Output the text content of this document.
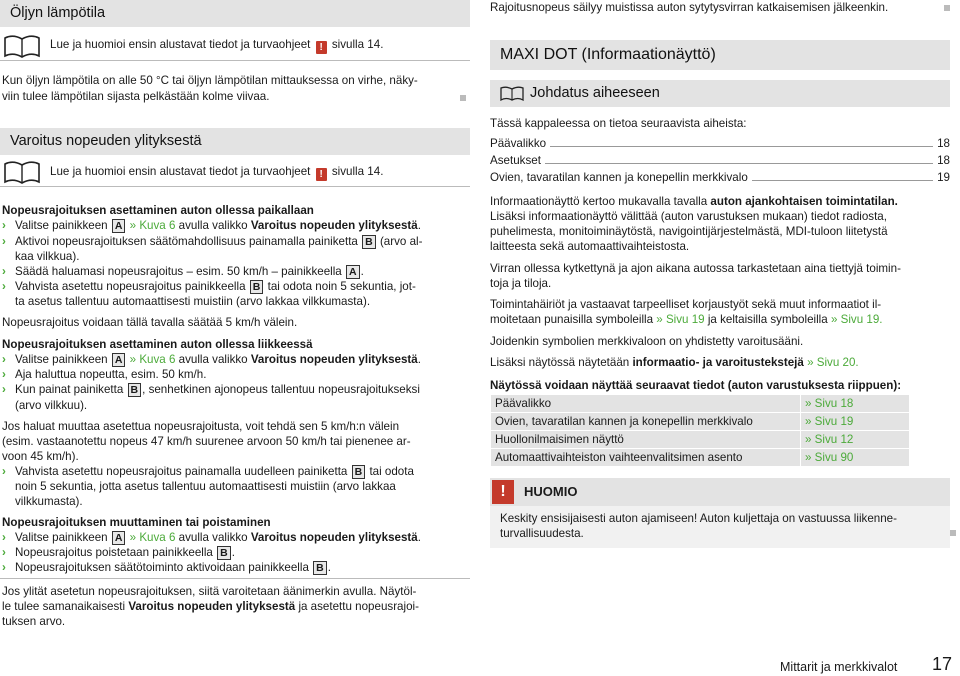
Öljyn lämpötila
Lue ja huomioi ensin alustavat tiedot ja turvaohjeet ! sivulla 14.
Kun öljyn lämpötila on alle 50 °C tai öljyn lämpötilan mittauksessa on virhe, näky-
viin tulee lämpötilan sijasta pelkästään kolme viivaa.
Varoitus nopeuden ylityksestä
Lue ja huomioi ensin alustavat tiedot ja turvaohjeet ! sivulla 14.
Nopeusrajoituksen asettaminen auton ollessa paikallaan
› Valitse painikkeen A » Kuva 6 avulla valikko Varoitus nopeuden ylityksestä.
› Aktivoi nopeusrajoituksen säätömahdollisuus painamalla painiketta B (arvo al-
kaa vilkkua).
› Säädä haluamasi nopeusrajoitus – esim. 50 km/h – painikkeella A .
› Vahvista asetettu nopeusrajoitus painikkeella B tai odota noin 5 sekuntia, jot-
ta asetus tallentuu automaattisesti muistiin (arvo lakkaa vilkkumasta).
Nopeusrajoitus voidaan tällä tavalla säätää 5 km/h välein.
Nopeusrajoituksen asettaminen auton ollessa liikkeessä
› Valitse painikkeen A » Kuva 6 avulla valikko Varoitus nopeuden ylityksestä.
› Aja haluttua nopeutta, esim. 50 km/h.
› Kun painat painiketta B , senhetkinen ajonopeus tallentuu nopeusrajoitukseksi
(arvo vilkkuu).
Jos haluat muuttaa asetettua nopeusrajoitusta, voit tehdä sen 5 km/h:n välein
(esim. vastaanotettu nopeus 47 km/h suurenee arvoon 50 km/h tai pienenee ar-
voon 45 km/h).
› Vahvista asetettu nopeusrajoitus painamalla uudelleen painiketta B tai odota
noin 5 sekuntia, jotta asetus tallentuu automaattisesti muistiin (arvo lakkaa
vilkkumasta).
Nopeusrajoituksen muuttaminen tai poistaminen
› Valitse painikkeen A » Kuva 6 avulla valikko Varoitus nopeuden ylityksestä.
› Nopeusrajoitus poistetaan painikkeella B .
› Nopeusrajoituksen säätötoiminto aktivoidaan painikkeella B .
Jos ylität asetetun nopeusrajoituksen, siitä varoitetaan äänimerkin avulla. Näytöl-
le tulee samanaikaisesti Varoitus nopeuden ylityksestä ja asetettu nopeusrajoi-
tuksen arvo.
Rajoitusnopeus säilyy muistissa auton sytytysvirran katkaisemisen jälkeenkin.
MAXI DOT (Informaationäyttö)
Johdatus aiheeseen
Tässä kappaleessa on tietoa seuraavista aiheista:
Päävalikko	18
Asetukset	18
Ovien, tavaratilan kannen ja konepellin merkkivalo	19
Informaationäyttö kertoo mukavalla tavalla auton ajankohtaisen toimintatilan.
Lisäksi informaationäyttö välittää (auton varustuksen mukaan) tiedot radiosta,
puhelimesta, monitoiminäytöstä, navigointijärjestelmästä, MDI-tuloon liitetystä
laitteesta sekä automaattivaihteistosta.
Virran ollessa kytkettynä ja ajon aikana autossa tarkastetaan aina tiettyjä toimin-
toja ja tiloja.
Toimintahäiriöt ja vastaavat tarpeelliset korjaustyöt sekä muut informaatiot il-
moitetaan punaisilla symboleilla » Sivu 19 ja keltaisilla symboleilla » Sivu 19.
Joidenkin symbolien merkkivaloon on yhdistetty varoitusääni.
Lisäksi näytössä näytetään informaatio- ja varoitustekstejä » Sivu 20.
Näytössä voidaan näyttää seuraavat tiedot (auton varustuksesta riippuen):
Päävalikko	» Sivu 18
Ovien, tavaratilan kannen ja konepellin merkkivalo	» Sivu 19
Huollonilmaisimen näyttö	» Sivu 12
Automaattivaihteiston vaihteenvalitsimen asento	» Sivu 90
!	HUOMIO
Keskity ensisijaisesti auton ajamiseen! Auton kuljettaja on vastuussa liikenne-
turvallisuudesta.
Mittarit ja merkkivalot 17
